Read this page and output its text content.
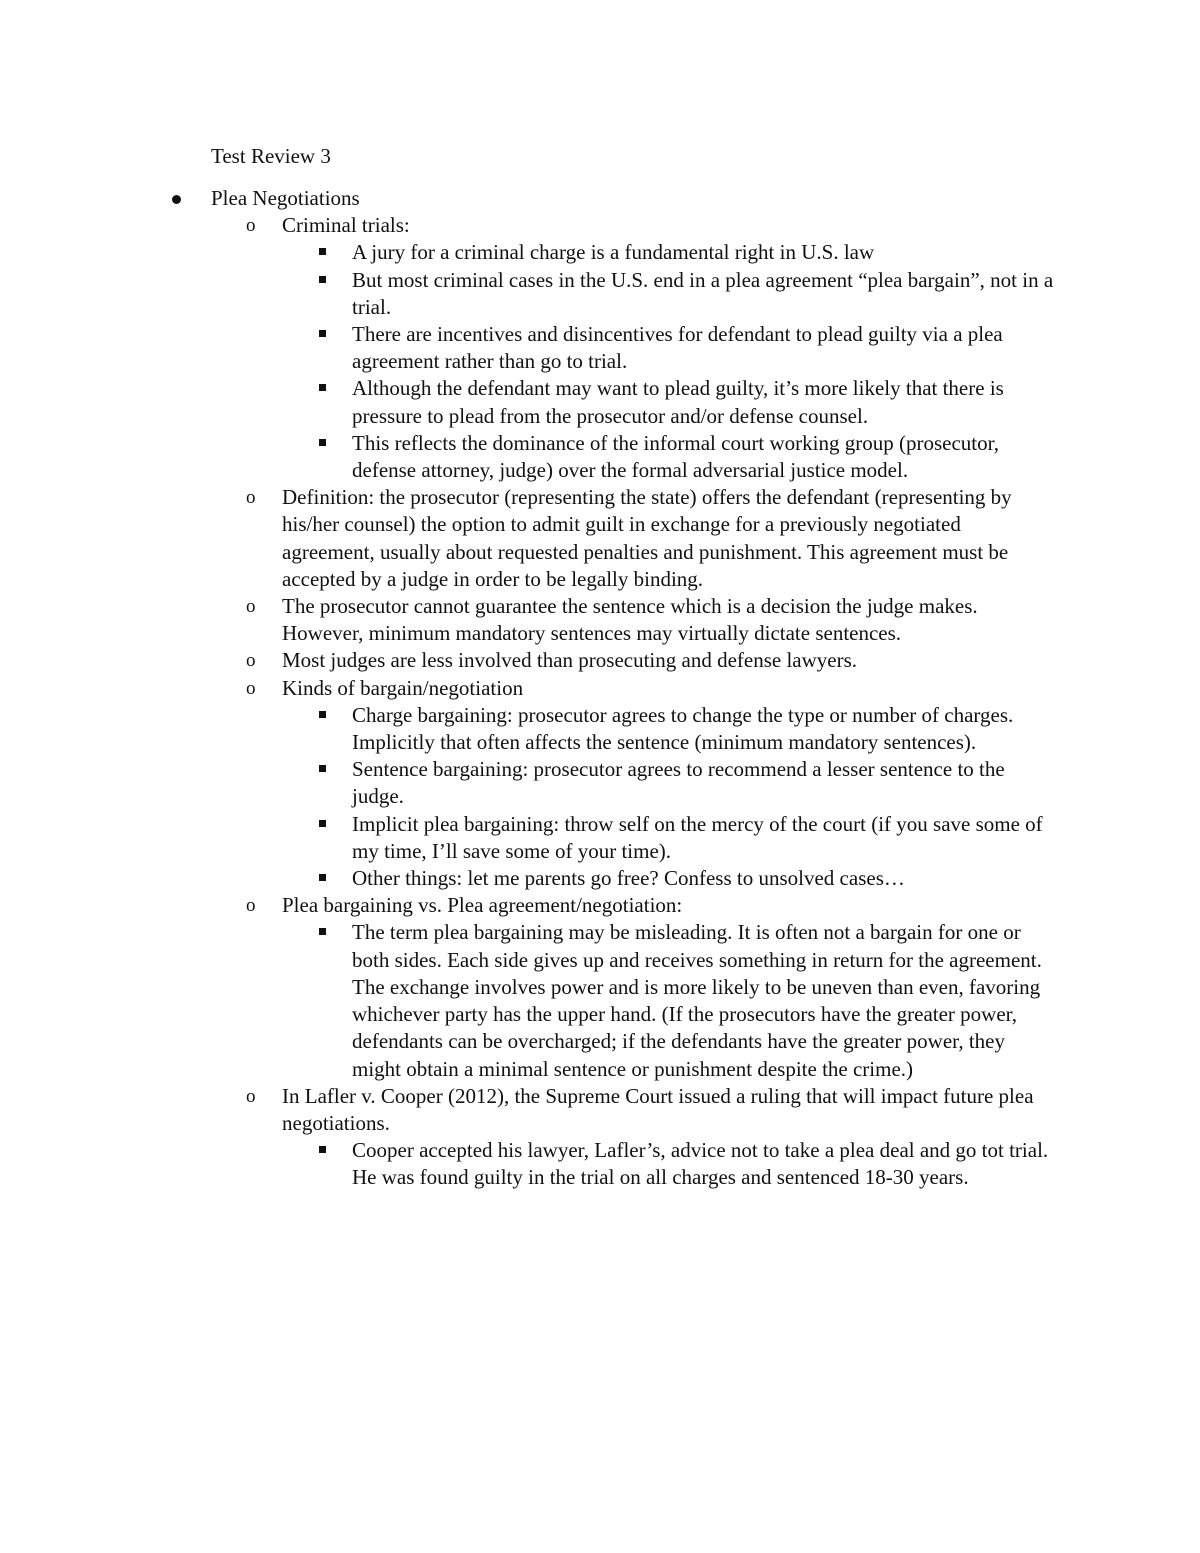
Test Review 3

Plea Negotiations
o Criminal trials:
A jury for a criminal charge is a fundamental right in U.S. law
But most criminal cases in the U.S. end in a plea agreement “plea bargain”, not in a trial.
There are incentives and disincentives for defendant to plead guilty via a plea agreement rather than go to trial.
Although the defendant may want to plead guilty, it’s more likely that there is pressure to plead from the prosecutor and/or defense counsel.
This reflects the dominance of the informal court working group (prosecutor, defense attorney, judge) over the formal adversarial justice model.
o Definition: the prosecutor (representing the state) offers the defendant (representing by his/her counsel) the option to admit guilt in exchange for a previously negotiated agreement, usually about requested penalties and punishment. This agreement must be accepted by a judge in order to be legally binding.
o The prosecutor cannot guarantee the sentence which is a decision the judge makes. However, minimum mandatory sentences may virtually dictate sentences.
o Most judges are less involved than prosecuting and defense lawyers.
o Kinds of bargain/negotiation
Charge bargaining: prosecutor agrees to change the type or number of charges. Implicitly that often affects the sentence (minimum mandatory sentences).
Sentence bargaining: prosecutor agrees to recommend a lesser sentence to the judge.
Implicit plea bargaining: throw self on the mercy of the court (if you save some of my time, I’ll save some of your time).
Other things: let me parents go free? Confess to unsolved cases…
o Plea bargaining vs. Plea agreement/negotiation:
The term plea bargaining may be misleading. It is often not a bargain for one or both sides. Each side gives up and receives something in return for the agreement. The exchange involves power and is more likely to be uneven than even, favoring whichever party has the upper hand. (If the prosecutors have the greater power, defendants can be overcharged; if the defendants have the greater power, they might obtain a minimal sentence or punishment despite the crime.)
o In Lafler v. Cooper (2012), the Supreme Court issued a ruling that will impact future plea negotiations.
Cooper accepted his lawyer, Lafler’s, advice not to take a plea deal and go tot trial. He was found guilty in the trial on all charges and sentenced 18-30 years.
